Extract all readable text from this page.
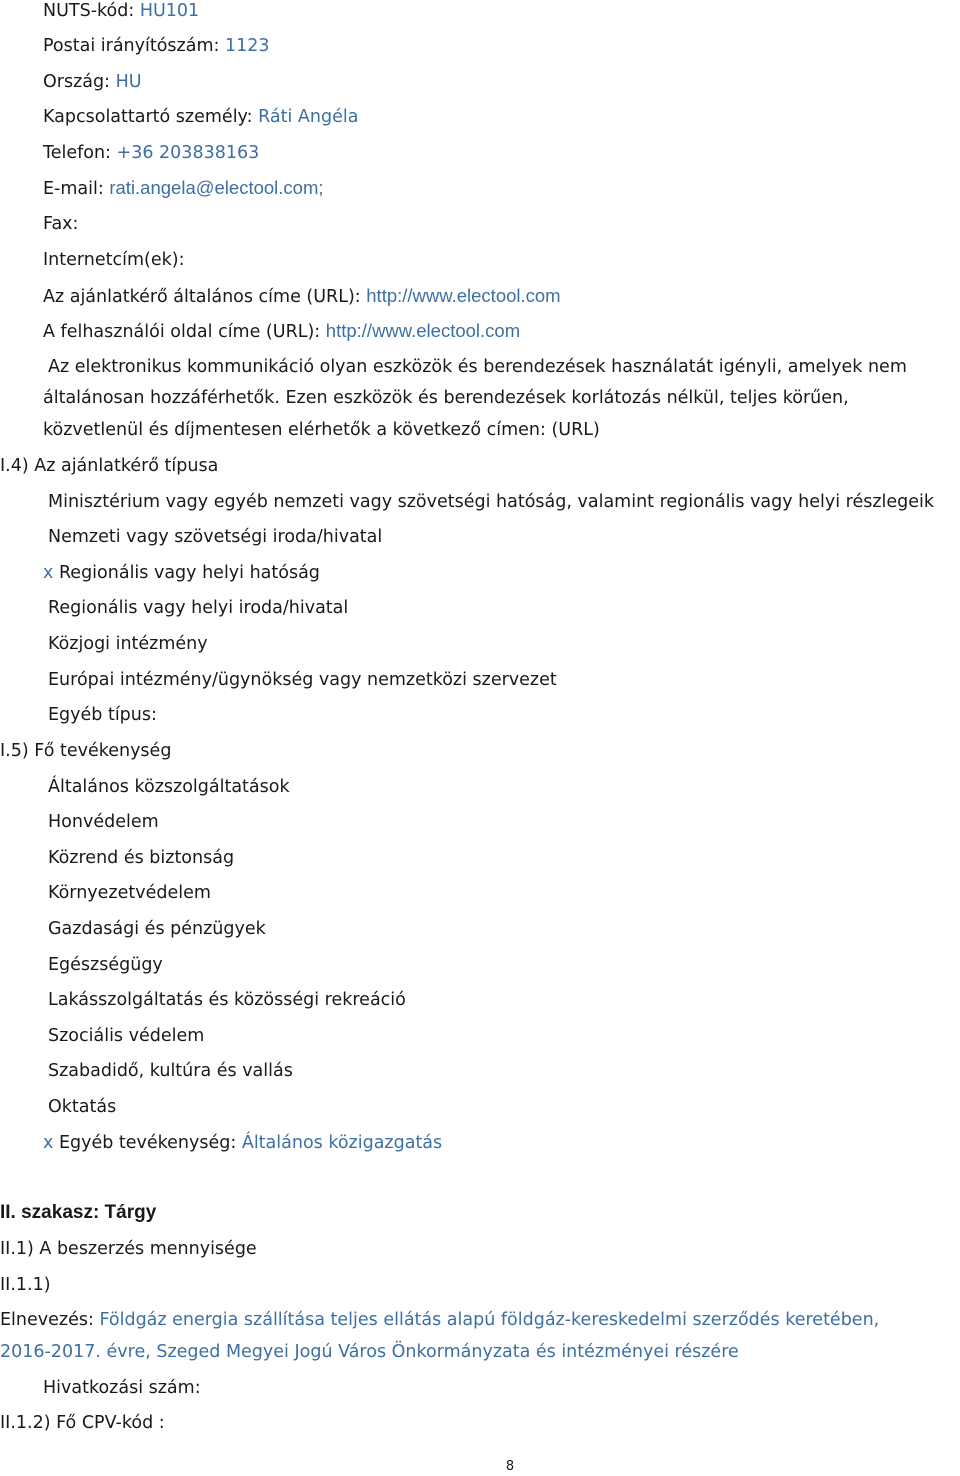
NUTS-kód: HU101
Postai irányítószám: 1123
Ország: HU
Kapcsolattartó személy: Ráti Angéla
Telefon: +36 203838163
E-mail: rati.angela@electool.com;
Fax:
Internetcím(ek):
Az ajánlatkérő általános címe (URL): http://www.electool.com
A felhasználói oldal címe (URL): http://www.electool.com
Az elektronikus kommunikáció olyan eszközök és berendezések használatát igényli, amelyek nem
általánosan hozzáférhetők. Ezen eszközök és berendezések korlátozás nélkül, teljes körűen,
közvetlenül és díjmentesen elérhetők a következő címen: (URL)
I.4) Az ajánlatkérő típusa
Minisztérium vagy egyéb nemzeti vagy szövetségi hatóság, valamint regionális vagy helyi részlegeik
Nemzeti vagy szövetségi iroda/hivatal
x Regionális vagy helyi hatóság
Regionális vagy helyi iroda/hivatal
Közjogi intézmény
Európai intézmény/ügynökség vagy nemzetközi szervezet
Egyéb típus:
I.5) Fő tevékenység
Általános közszolgáltatások
Honvédelem
Közrend és biztonság
Környezetvédelem
Gazdasági és pénzügyek
Egészségügy
Lakásszolgáltatás és közösségi rekreáció
Szociális védelem
Szabadidő, kultúra és vallás
Oktatás
x Egyéb tevékenység: Általános közigazgatás
II. szakasz: Tárgy
II.1) A beszerzés mennyisége
II.1.1)
Elnevezés: Földgáz energia szállítása teljes ellátás alapú földgáz-kereskedelmi szerződés keretében,
2016-2017. évre, Szeged Megyei Jogú Város Önkormányzata és intézményei részére
Hivatkozási szám:
II.1.2) Fő CPV-kód :
8
